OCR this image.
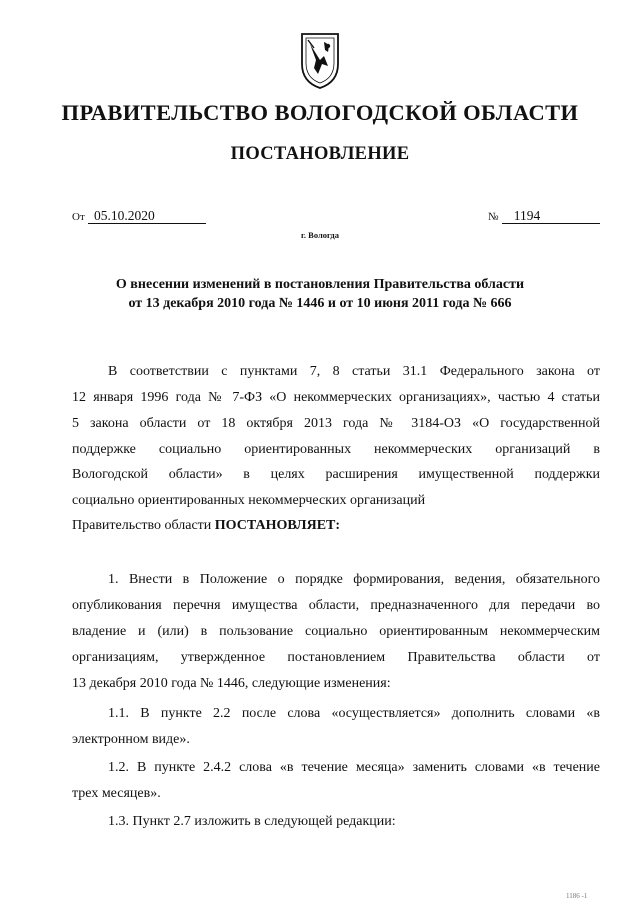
ПРАВИТЕЛЬСТВО ВОЛОГОДСКОЙ ОБЛАСТИ
ПОСТАНОВЛЕНИЕ
От 05.10.2020	№ 1194
г. Вологда
О внесении изменений в постановления Правительства области
от 13 декабря 2010 года № 1446 и от 10 июня 2011 года № 666
В соответствии с пунктами 7, 8 статьи 31.1 Федерального закона от
12 января 1996 года № 7-ФЗ «О некоммерческих организациях», частью 4 статьи
5 закона области от 18 октября 2013 года № 3184-ОЗ «О государственной
поддержке социально ориентированных некоммерческих организаций в
Вологодской области» в целях расширения имущественной поддержки
социально ориентированных некоммерческих организаций
Правительство области ПОСТАНОВЛЯЕТ:
1. Внести в Положение о порядке формирования, ведения, обязательного
опубликования перечня имущества области, предназначенного для передачи во
владение и (или) в пользование социально ориентированным некоммерческим
организациям, утвержденное постановлением Правительства области от
13 декабря 2010 года № 1446, следующие изменения:
1.1. В пункте 2.2 после слова «осуществляется» дополнить словами «в
электронном виде».
1.2. В пункте 2.4.2 слова «в течение месяца» заменить словами «в течение
трех месяцев».
1.3. Пункт 2.7 изложить в следующей редакции:
1186 -1
